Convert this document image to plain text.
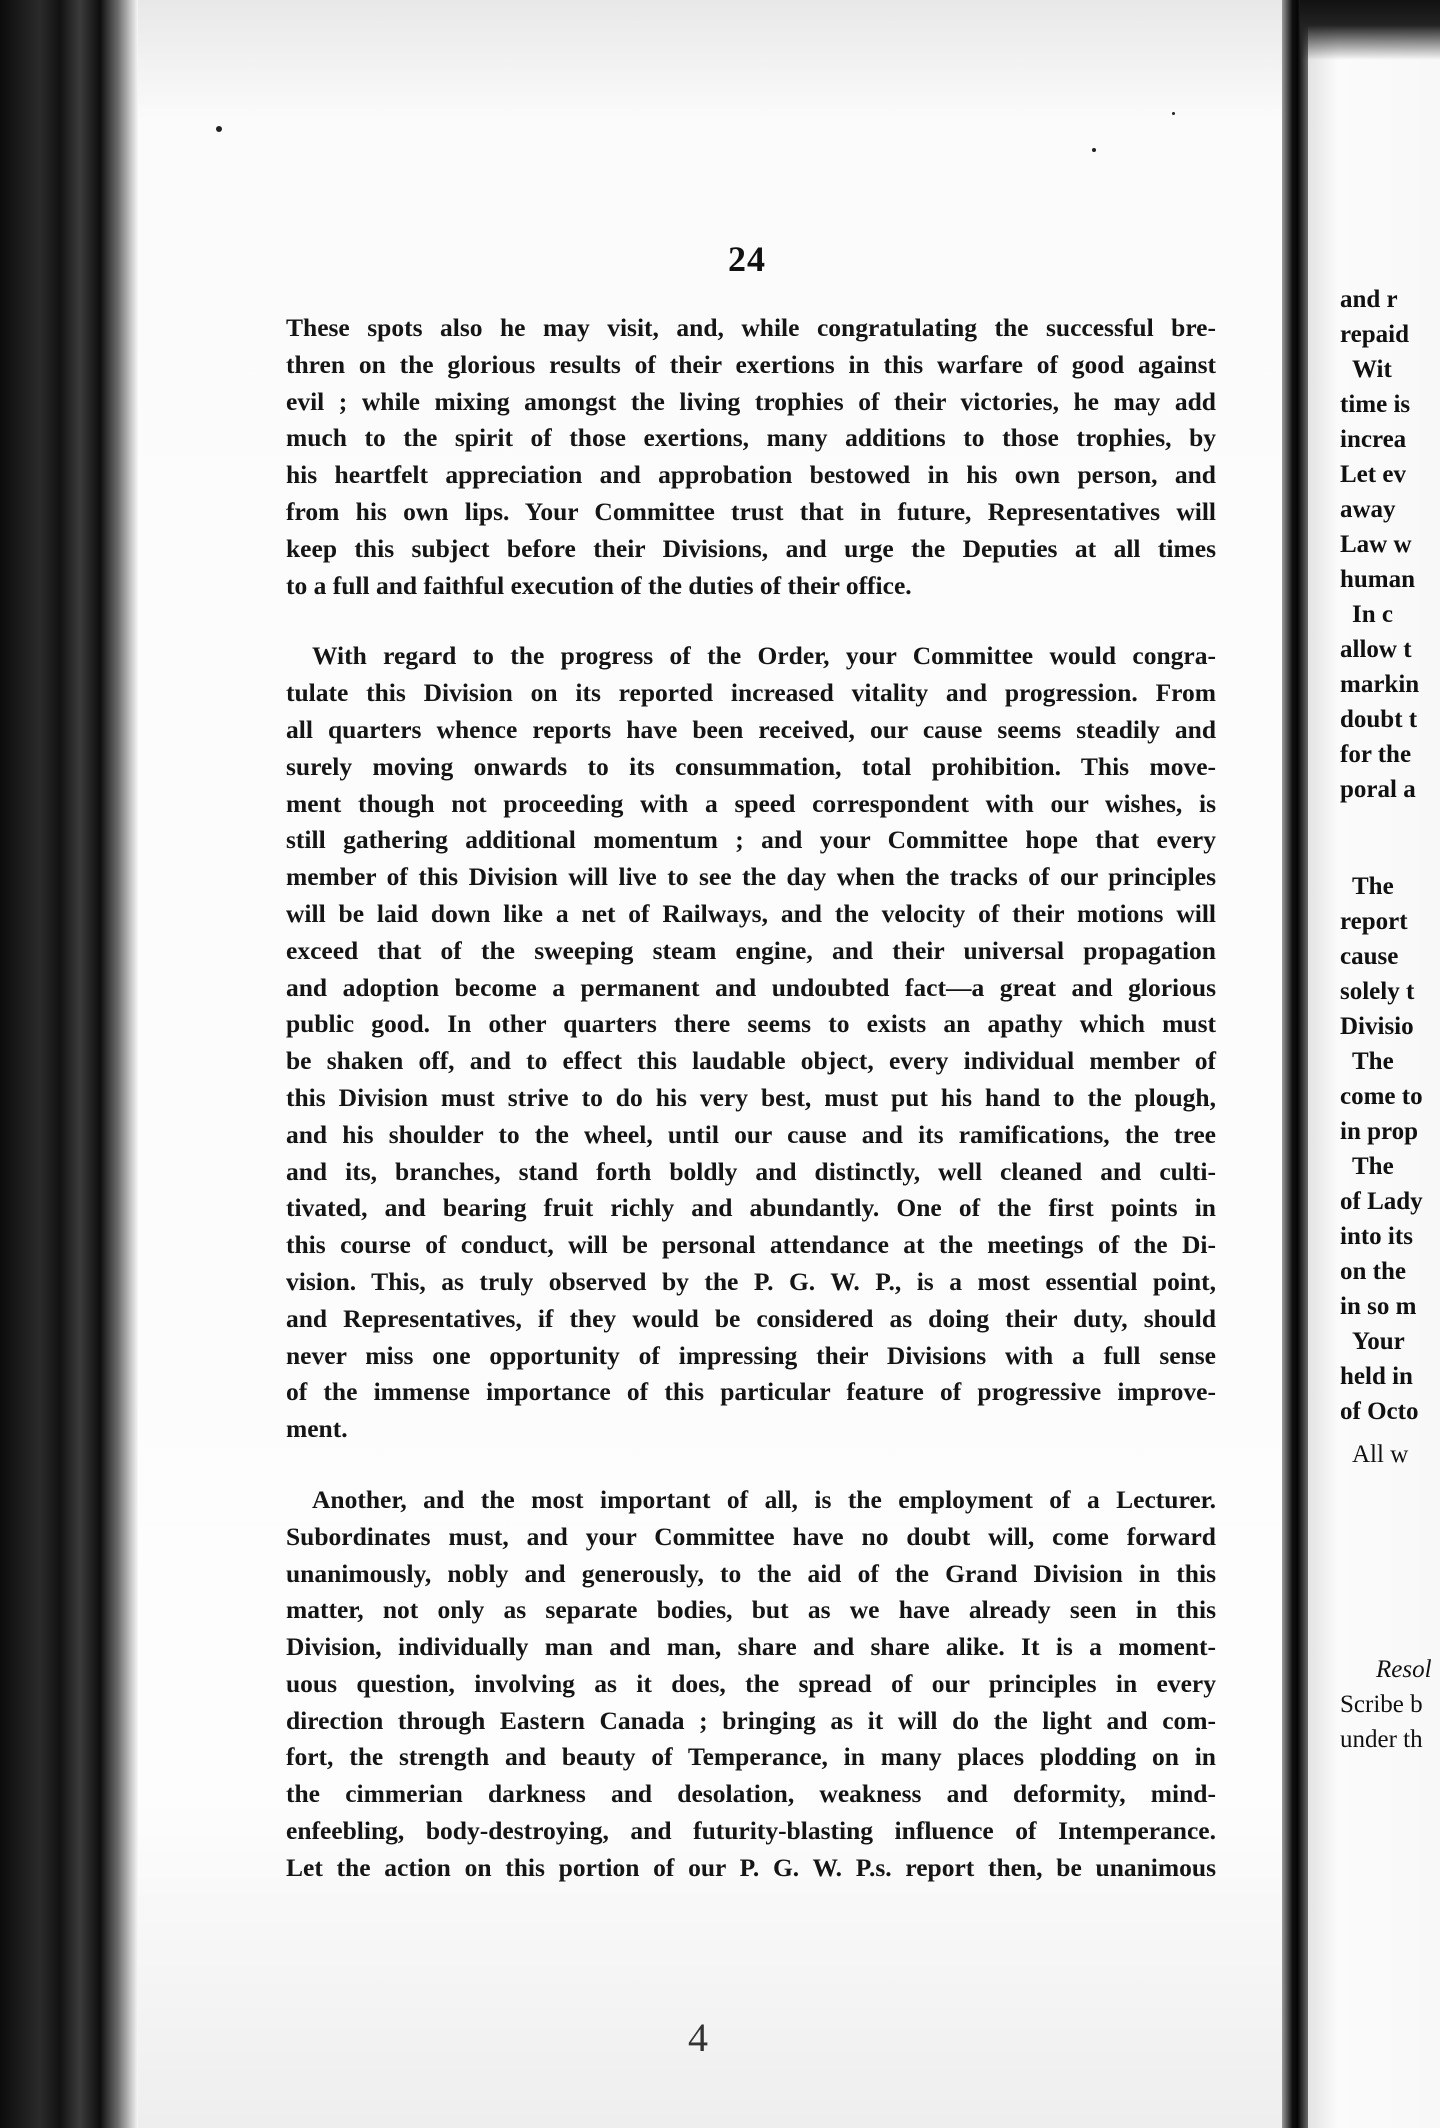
24
These spots also he may visit, and, while congratulating the successful bre-
thren on the glorious results of their exertions in this warfare of good against
evil ; while mixing amongst the living trophies of their victories, he may add
much to the spirit of those exertions, many additions to those trophies, by
his heartfelt appreciation and approbation bestowed in his own person, and
from his own lips. Your Committee trust that in future, Representatives will
keep this subject before their Divisions, and urge the Deputies at all times
to a full and faithful execution of the duties of their office.
With regard to the progress of the Order, your Committee would congra-
tulate this Division on its reported increased vitality and progression. From
all quarters whence reports have been received, our cause seems steadily and
surely moving onwards to its consummation, total prohibition. This move-
ment though not proceeding with a speed correspondent with our wishes, is
still gathering additional momentum ; and your Committee hope that every
member of this Division will live to see the day when the tracks of our principles
will be laid down like a net of Railways, and the velocity of their motions will
exceed that of the sweeping steam engine, and their universal propagation
and adoption become a permanent and undoubted fact—a great and glorious
public good. In other quarters there seems to exists an apathy which must
be shaken off, and to effect this laudable object, every individual member of
this Division must strive to do his very best, must put his hand to the plough,
and his shoulder to the wheel, until our cause and its ramifications, the tree
and its, branches, stand forth boldly and distinctly, well cleaned and culti-
tivated, and bearing fruit richly and abundantly. One of the first points in
this course of conduct, will be personal attendance at the meetings of the Di-
vision. This, as truly observed by the P. G. W. P., is a most essential point,
and Representatives, if they would be considered as doing their duty, should
never miss one opportunity of impressing their Divisions with a full sense
of the immense importance of this particular feature of progressive improve-
ment.
Another, and the most important of all, is the employment of a Lecturer.
Subordinates must, and your Committee have no doubt will, come forward
unanimously, nobly and generously, to the aid of the Grand Division in this
matter, not only as separate bodies, but as we have already seen in this
Division, individually man and man, share and share alike. It is a moment-
uous question, involving as it does, the spread of our principles in every
direction through Eastern Canada ; bringing as it will do the light and com-
fort, the strength and beauty of Temperance, in many places plodding on in
the cimmerian darkness and desolation, weakness and deformity, mind-
enfeebling, body-destroying, and futurity-blasting influence of Intemperance.
Let the action on this portion of our P. G. W. P.s. report then, be unanimous
and r
repaid
Wit
time is
increa
Let ev
away
Law w
human
In c
allow t
markin
doubt t
for the
poral a
The
report
cause
solely t
Divisio
The
come to
in prop
The
of Lady
into its
on the
in so m
Your
held in
of Octo
All w
Resol
Scribe b
under th
4
